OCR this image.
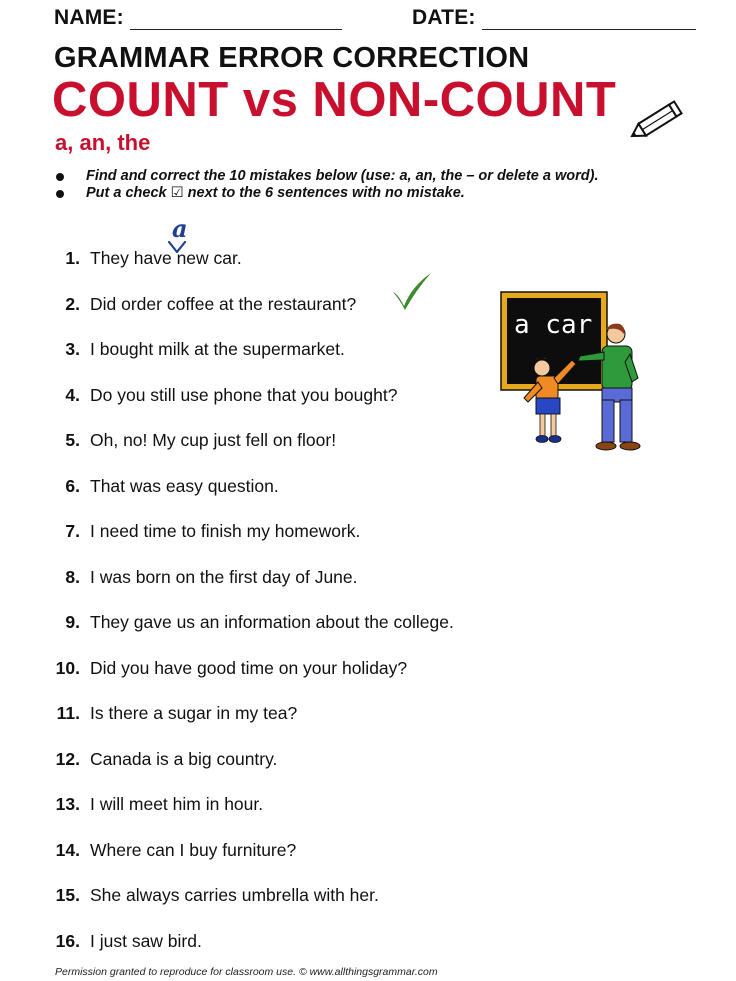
NAME:	DATE:
GRAMMAR ERROR CORRECTION
COUNT vs NON-COUNT
a, an, the
Find and correct the 10 mistakes below (use: a, an, the – or delete a word).
Put a check ☑ next to the 6 sentences with no mistake.
a
a car
1. They have new car.
2. Did order coffee at the restaurant?
3. I bought milk at the supermarket.
4. Do you still use phone that you bought?
5. Oh, no! My cup just fell on floor!
6. That was easy question.
7. I need time to finish my homework.
8. I was born on the first day of June.
9. They gave us an information about the college.
10. Did you have good time on your holiday?
11. Is there a sugar in my tea?
12. Canada is a big country.
13. I will meet him in hour.
14. Where can I buy furniture?
15. She always carries umbrella with her.
16. I just saw bird.
Permission granted to reproduce for classroom use. © www.allthingsgrammar.com
